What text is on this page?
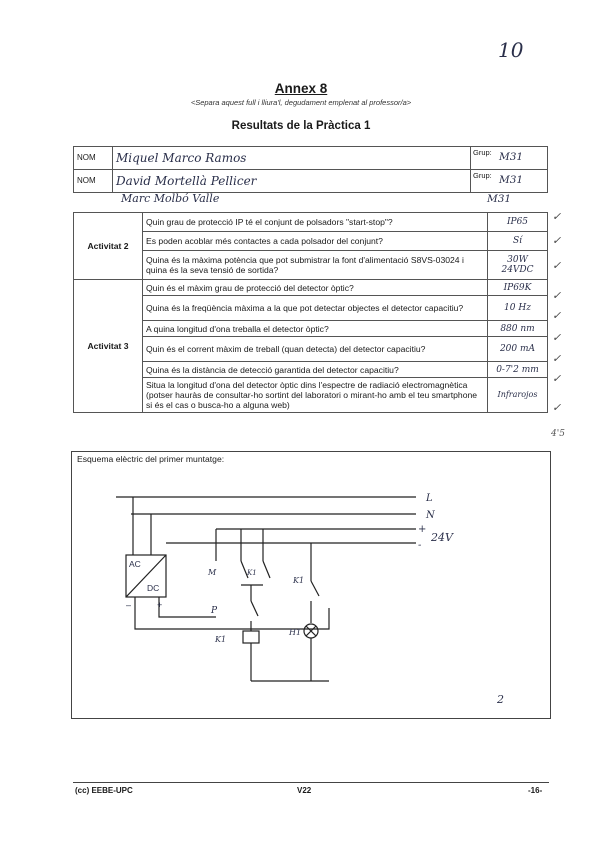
10
Annex 8
<Separa aquest full i lliura'l, degudament emplenat al professor/a>
Resultats de la Pràctica 1
NOM	Miquel Marco Ramos	Grup: M31

NOM	David Mortellà Pellicer	Grup: M31
Marc Molbó Valle	M31
Activitat 2	Quin grau de protecció IP té el conjunt de polsadors "start-stop"?	IP65
	Es poden acoblar més contactes a cada polsador del conjunt?	Sí
	Quina és la màxima potència que pot submistrar la font d'alimentació S8VS-03024 i quina és la seva tensió de sortida?	30W 24VDC
Activitat 3	Quin és el màxim grau de protecció del detector òptic?	IP69K
	Quina és la freqüència màxima a la que pot detectar objectes el detector capacitiu?	10 Hz
	A quina longitud d'ona treballa el detector òptic?	880 nm
	Quin és el corrent màxim de treball (quan detecta) del detector capacitiu?	200 mA
	Quina és la distància de detecció garantida del detector capacitiu?	0-7'2 mm
	Situa la longitud d'ona del detector òptic dins l'espectre de radiació electromagnètica (potser hauràs de consultar-ho sortint del laboratori o mirant-ho amb el teu smartphone si és el cas o busca-ho a alguna web)	Infrarojos
✓
✓
✓
✓
✓
✓
✓
✓
✓
4'5
Esquema elèctric del primer muntatge:
L
N
+
-
24V
AC
DC
–	+
M	K1
P
K1
K1
H1
2
(cc) EEBE-UPC	V22	-16-
